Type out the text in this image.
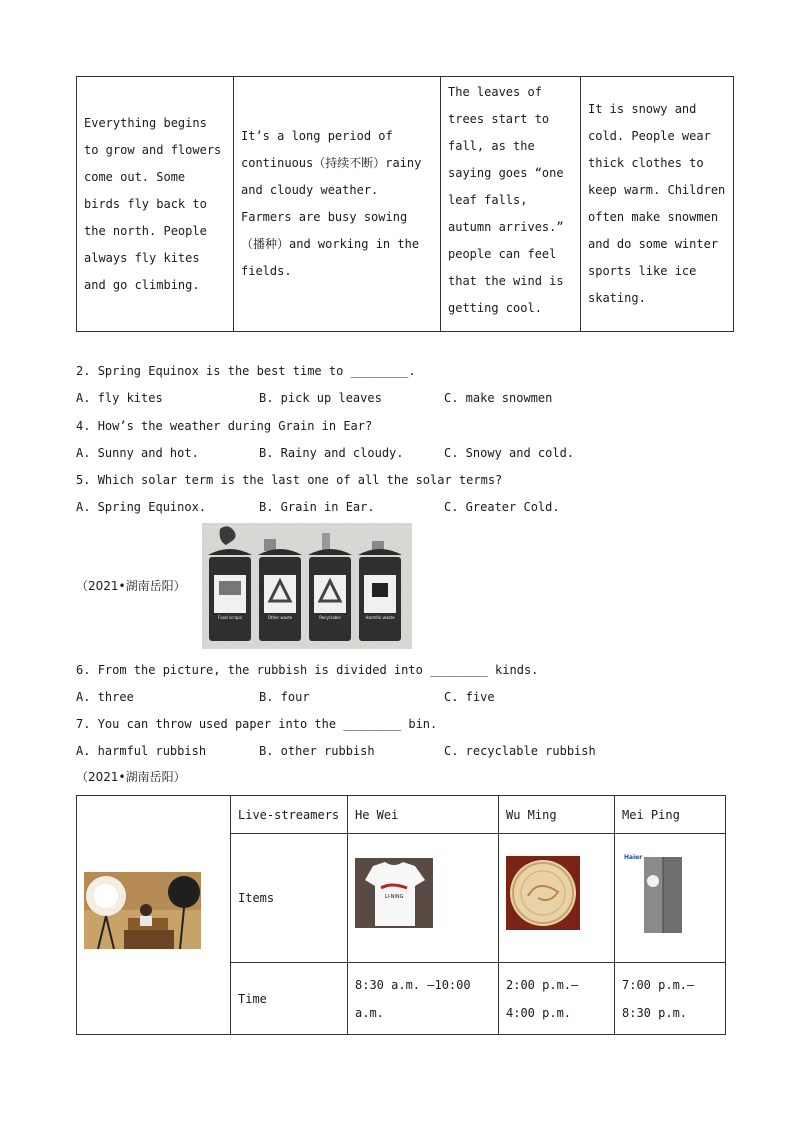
Everything begins to grow and flowers come out. Some birds fly back to the north. People always fly kites and go climbing.	It’s a long period of continuous（持续不断）rainy and cloudy weather. Farmers are busy sowing （播种）and working in the fields.	The leaves of trees start to fall, as the saying goes “one leaf falls, autumn arrives.” people can feel that the wind is getting cool.	It is snowy and cold. People wear thick clothes to keep warm. Children often make snowmen and do some winter sports like ice skating.
2. Spring Equinox is the best time to ________.
A. fly kites	B. pick up leaves	C. make snowmen
4. How’s the weather during Grain in Ear?
A. Sunny and hot.	B. Rainy and cloudy.	C. Snowy and cold.
5. Which solar term is the last one of all the solar terms?
A. Spring Equinox.	B. Grain in Ear.	C. Greater Cold.
（2021•湖南岳阳）
Food scraps	Other waste	Recyclable	Harmful waste
6. From the picture, the rubbish is divided into ________ kinds.
A. three	B. four	C. five
7. You can throw used paper into the ________ bin.
A. harmful rubbish	B. other rubbish	C. recyclable rubbish
（2021•湖南岳阳）
	Live-streamers	He Wei	Wu Ming	Mei Ping
	Items	LI-NING		Haier

	Time	8:30 a.m. —10:00 a.m.	2:00 p.m.— 4:00 p.m.	7:00 p.m.— 8:30 p.m.
